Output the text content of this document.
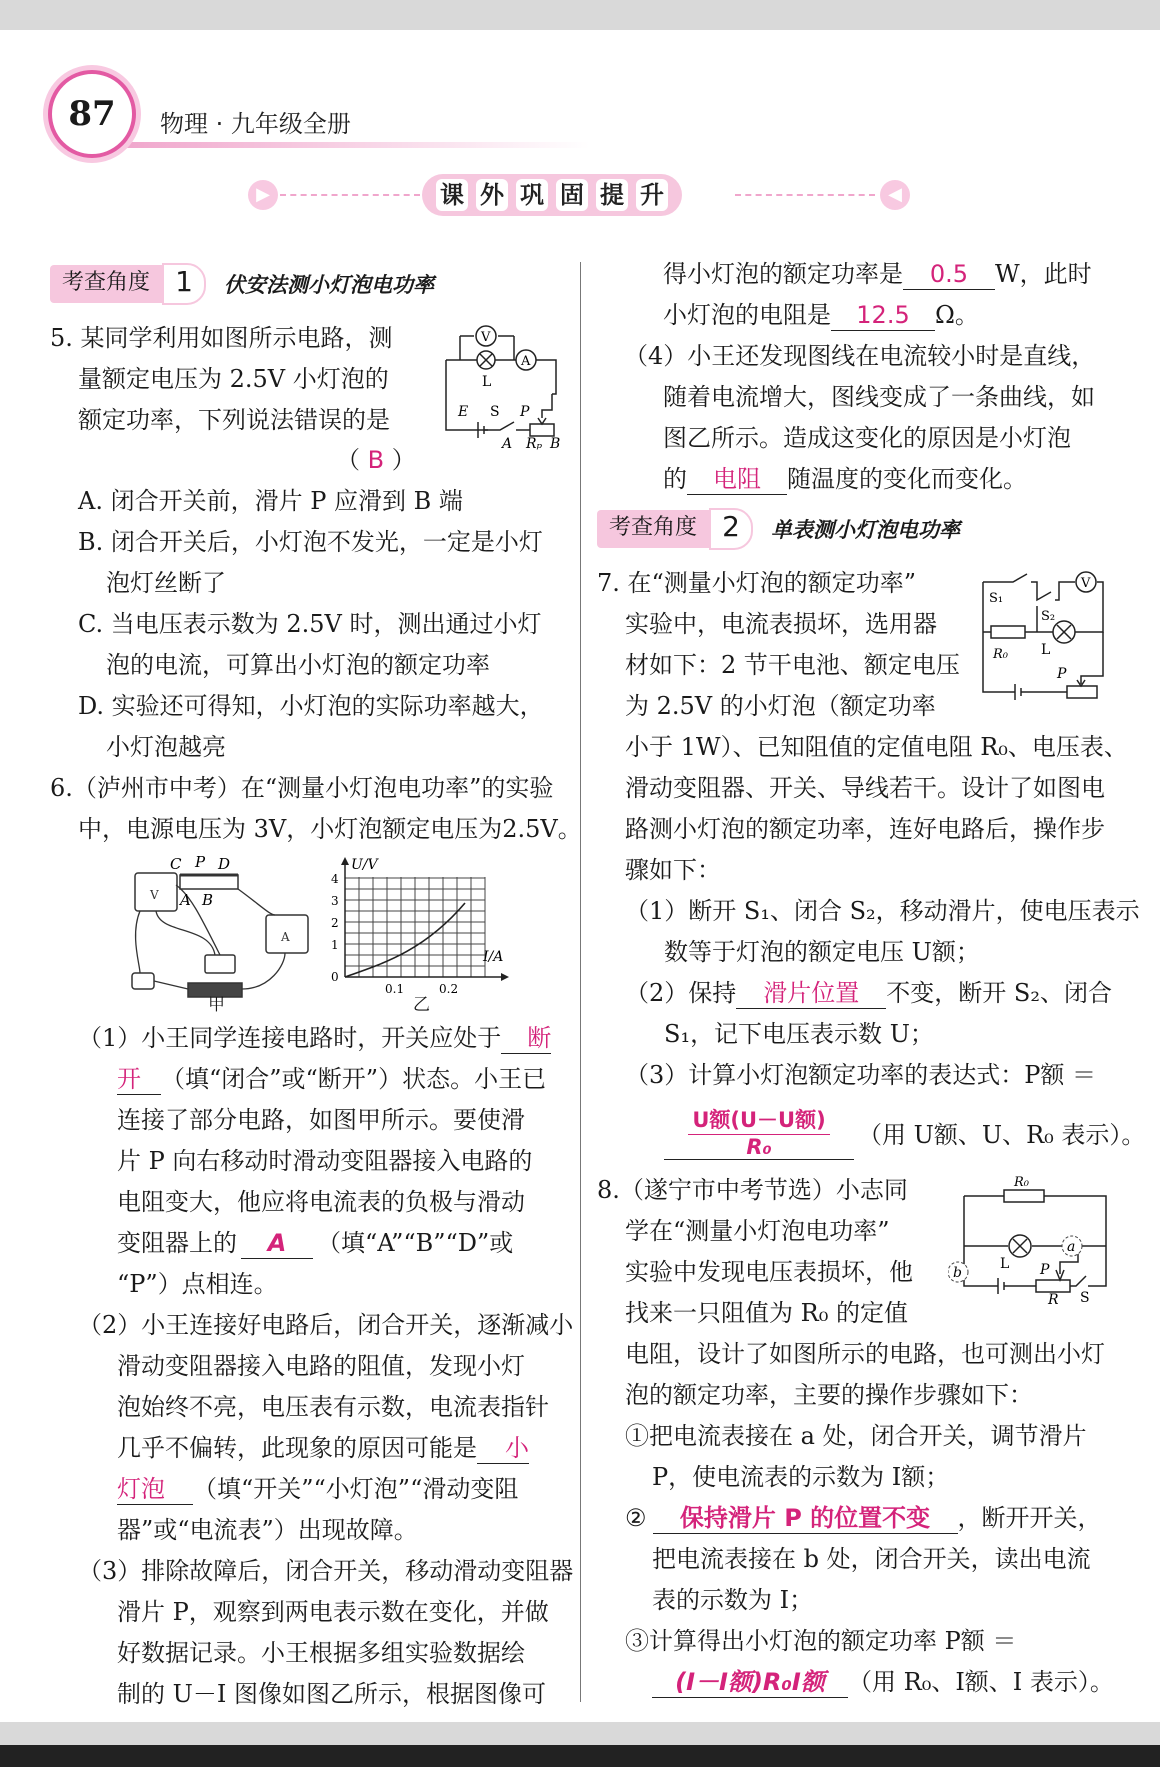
87	物理 · 九年级全册
▶	◀
课 外 巩 固 提 升
考查角度 1	伏安法测小灯泡电功率
5. 某同学利用如图所示电路，测
量额定电压为 2.5V 小灯泡的
额定功率，下列说法错误的是
（ B ）
V
A
L
E S P
A Rₚ B
A. 闭合开关前，滑片 P 应滑到 B 端
B. 闭合开关后，小灯泡不发光，一定是小灯
泡灯丝断了
C. 当电压表示数为 2.5V 时，测出通过小灯
泡的电流，可算出小灯泡的额定功率
D. 实验还可得知，小灯泡的实际功率越大，
小灯泡越亮
6.（泸州市中考）在“测量小灯泡电功率”的实验
中，电源电压为 3V，小灯泡额定电压为2.5V。
V
A
C P D
A B
甲
U/V
I/A
4
3
2
1
0
0.1	0.2
乙
（1）小王同学连接电路时，开关应处于 断
开 （填“闭合”或“断开”）状态。小王已
连接了部分电路，如图甲所示。要使滑
片 P 向右移动时滑动变阻器接入电路的
电阻变大，他应将电流表的负极与滑动
变阻器上的 A （填“A”“B”“D”或
“P”）点相连。
（2）小王连接好电路后，闭合开关，逐渐减小
滑动变阻器接入电路的阻值，发现小灯
泡始终不亮，电压表有示数，电流表指针
几乎不偏转，此现象的原因可能是 小
灯泡 （填“开关”“小灯泡”“滑动变阻
器”或“电流表”）出现故障。
（3）排除故障后，闭合开关，移动滑动变阻器
滑片 P，观察到两电表示数在变化，并做
好数据记录。小王根据多组实验数据绘
制的 U－I 图像如图乙所示，根据图像可
得小灯泡的额定功率是 0.5 W，此时
小灯泡的电阻是 12.5 Ω。
（4）小王还发现图线在电流较小时是直线，
随着电流增大，图线变成了一条曲线，如
图乙所示。造成这变化的原因是小灯泡
的 电阻 随温度的变化而变化。
考查角度 2	单表测小灯泡电功率
7. 在“测量小灯泡的额定功率”
实验中，电流表损坏，选用器
材如下：2 节干电池、额定电压
为 2.5V 的小灯泡（额定功率
小于 1W）、已知阻值的定值电阻 R₀、电压表、
滑动变阻器、开关、导线若干。设计了如图电
路测小灯泡的额定功率，连好电路后，操作步
骤如下：
S₁
S₂
V
R₀ L
P
（1）断开 S₁、闭合 S₂，移动滑片，使电压表示
数等于灯泡的额定电压 U额；
（2）保持 滑片位置 不变，断开 S₂、闭合
S₁，记下电压表示数 U；
（3）计算小灯泡额定功率的表达式：P额 ＝
U额(U－U额)
R₀	（用 U额、U、R₀ 表示）。
8.（遂宁市中考节选）小志同
学在“测量小灯泡电功率”
实验中发现电压表损坏，他
找来一只阻值为 R₀ 的定值
电阻，设计了如图所示的电路，也可测出小灯
泡的额定功率，主要的操作步骤如下：
R₀
a
b
L P
R S
①把电流表接在 a 处，闭合开关，调节滑片
P，使电流表的示数为 I额；
② 保持滑片 P 的位置不变 ，断开开关，
把电流表接在 b 处，闭合开关，读出电流
表的示数为 I；
③计算得出小灯泡的额定功率 P额 ＝
(I－I额)R₀I额 （用 R₀、I额、I 表示）。
